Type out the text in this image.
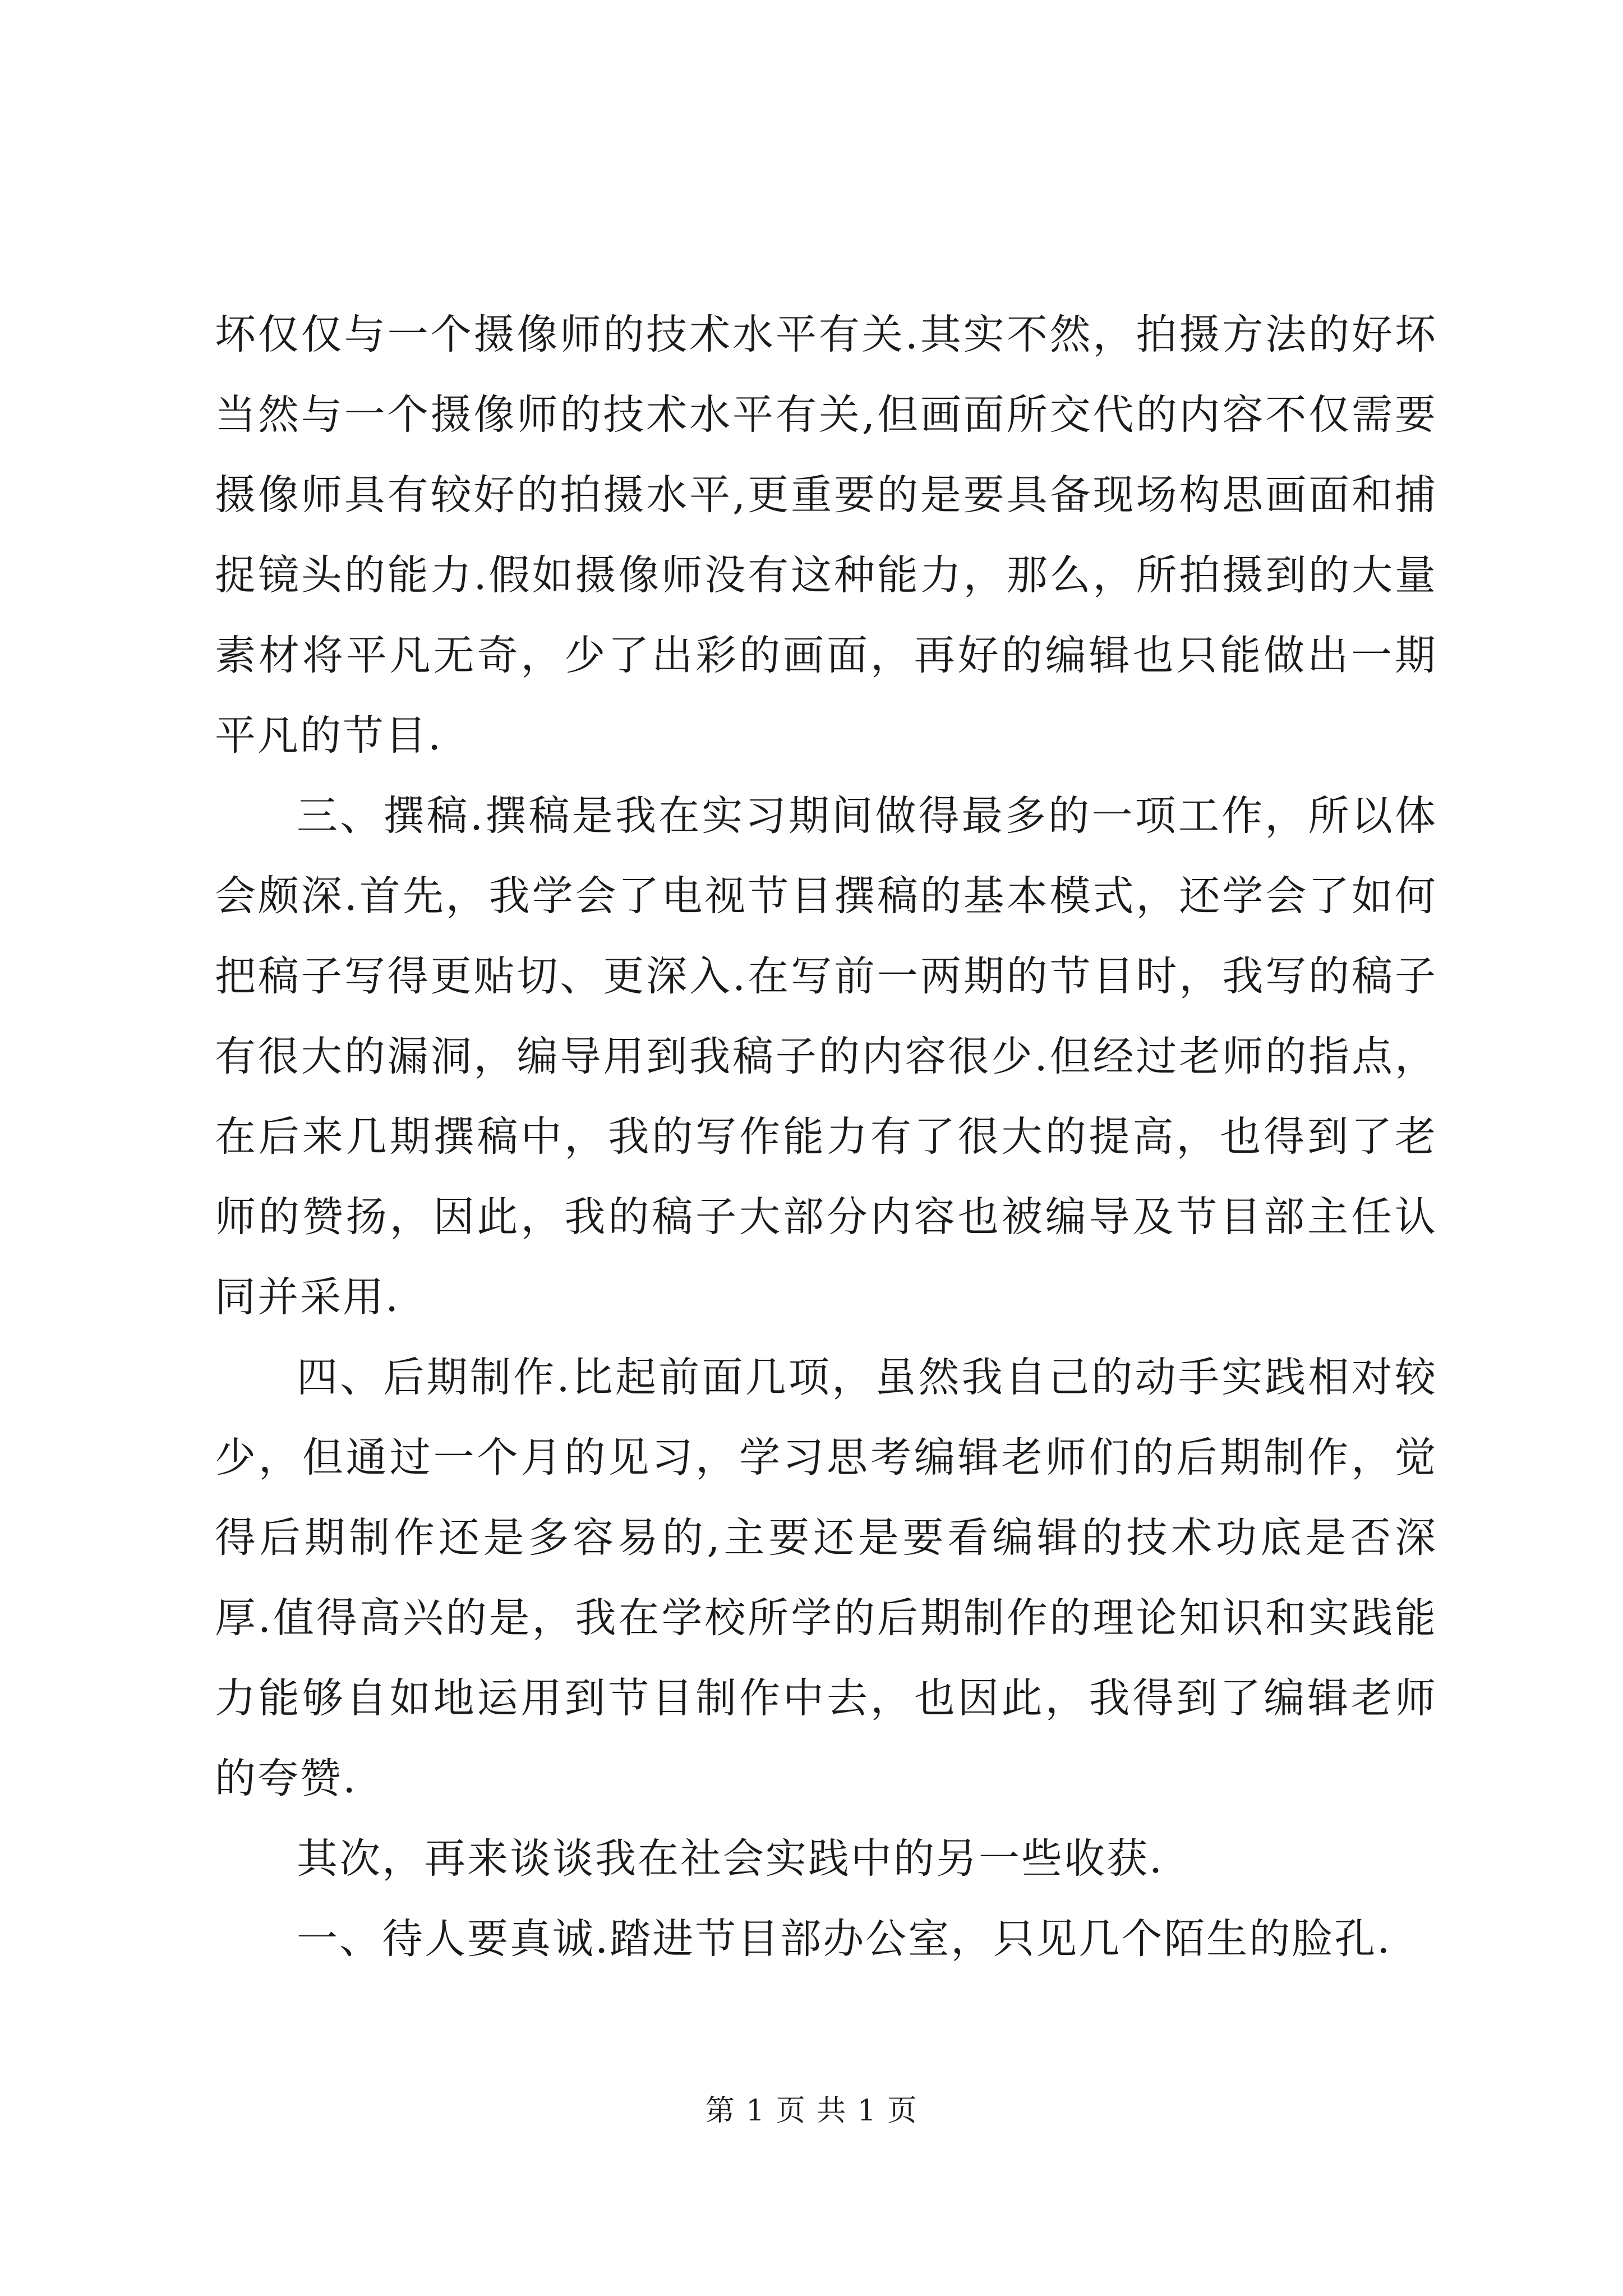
坏仅仅与一个摄像师的技术水平有关.其实不然，拍摄方法的好坏当然与一个摄像师的技术水平有关,但画面所交代的内容不仅需要摄像师具有较好的拍摄水平,更重要的是要具备现场构思画面和捕捉镜头的能力.假如摄像师没有这种能力，那么，所拍摄到的大量素材将平凡无奇，少了出彩的画面，再好的编辑也只能做出一期平凡的节目.

三、撰稿.撰稿是我在实习期间做得最多的一项工作，所以体会颇深.首先，我学会了电视节目撰稿的基本模式，还学会了如何把稿子写得更贴切、更深入.在写前一两期的节目时，我写的稿子有很大的漏洞，编导用到我稿子的内容很少.但经过老师的指点，在后来几期撰稿中，我的写作能力有了很大的提高，也得到了老师的赞扬，因此，我的稿子大部分内容也被编导及节目部主任认同并采用.

四、后期制作.比起前面几项，虽然我自己的动手实践相对较少，但通过一个月的见习，学习思考编辑老师们的后期制作，觉得后期制作还是多容易的,主要还是要看编辑的技术功底是否深厚.值得高兴的是，我在学校所学的后期制作的理论知识和实践能力能够自如地运用到节目制作中去，也因此，我得到了编辑老师的夸赞.

其次，再来谈谈我在社会实践中的另一些收获.

一、待人要真诚.踏进节目部办公室，只见几个陌生的脸孔.

第 1 页 共 1 页
